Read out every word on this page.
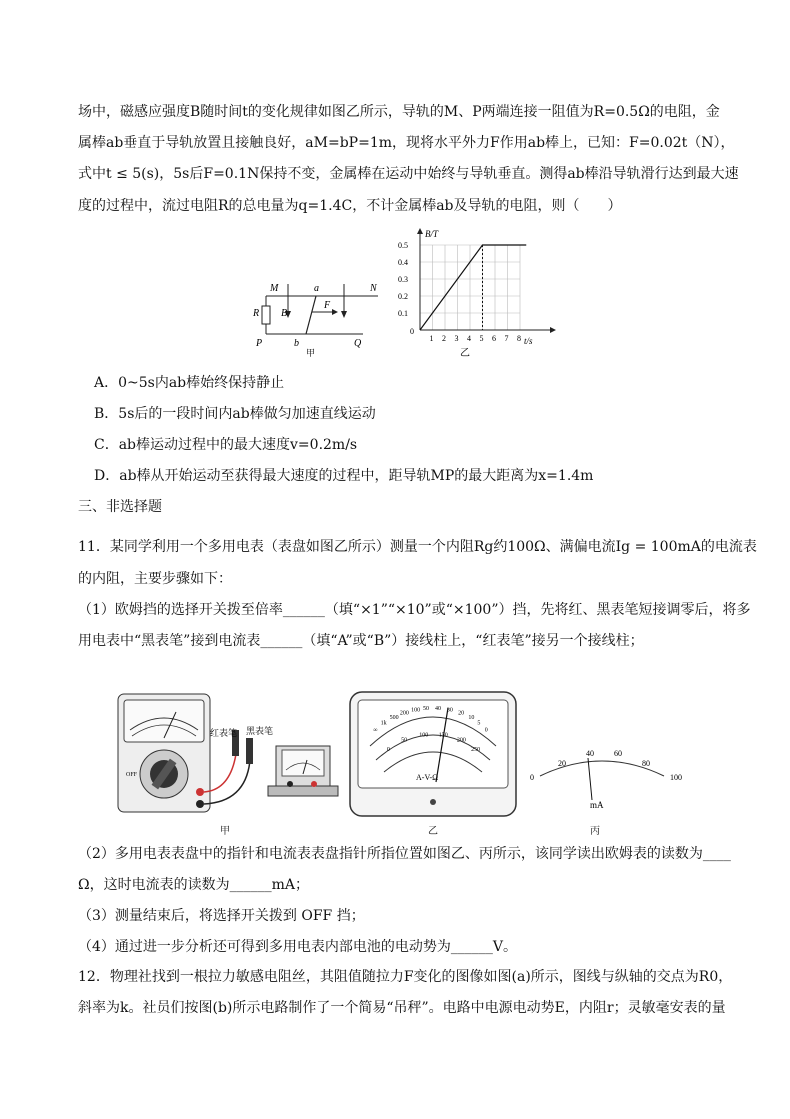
场中，磁感应强度B随时间t的变化规律如图乙所示，导轨的M、P两端连接一阻值为R=0.5Ω的电阻，金
属棒ab垂直于导轨放置且接触良好，aM=bP=1m，现将水平外力F作用ab棒上，已知：F=0.02t（N），
式中t ≤ 5(s)，5s后F=0.1N保持不变，金属棒在运动中始终与导轨垂直。测得ab棒沿导轨滑行达到最大速
度的过程中，流过电阻R的总电量为q=1.4C，不计金属棒ab及导轨的电阻，则（　　）
M	N
P	Q
a
b
R B
F
甲
B/T
t/s
乙
0
0.1
0.2
0.3
0.4
0.5
1 2 3 4 5 6 7 8
A．0~5s内ab棒始终保持静止
B．5s后的一段时间内ab棒做匀加速直线运动
C．ab棒运动过程中的最大速度v=0.2m/s
D．ab棒从开始运动至获得最大速度的过程中，距导轨MP的最大距离为x=1.4m
三、非选择题
11．某同学利用一个多用电表（表盘如图乙所示）测量一个内阻Rg约100Ω、满偏电流Ig = 100mA的电流表
的内阻，主要步骤如下：
（1）欧姆挡的选择开关拨至倍率______（填“×1”“×10”或“×100”）挡，先将红、黑表笔短接调零后，将多
用电表中“黑表笔”接到电流表______（填“A”或“B”）接线柱上，“红表笔”接另一个接线柱；
OFF
红表笔 黑表笔
甲
∞
1k
500
200 100 50 40 30 20
10
5
0
0
50
100 150
200
250
A-V-Ω
乙
0
20
40	60
80
100
mA
丙
（2）多用电表表盘中的指针和电流表表盘指针所指位置如图乙、丙所示，该同学读出欧姆表的读数为____
Ω，这时电流表的读数为______mA；
（3）测量结束后，将选择开关拨到 OFF 挡；
（4）通过进一步分析还可得到多用电表内部电池的电动势为______V。
12．物理社找到一根拉力敏感电阻丝，其阻值随拉力F变化的图像如图(a)所示，图线与纵轴的交点为R0，
斜率为k。社员们按图(b)所示电路制作了一个简易“吊秤”。电路中电源电动势E，内阻r；灵敏毫安表的量
